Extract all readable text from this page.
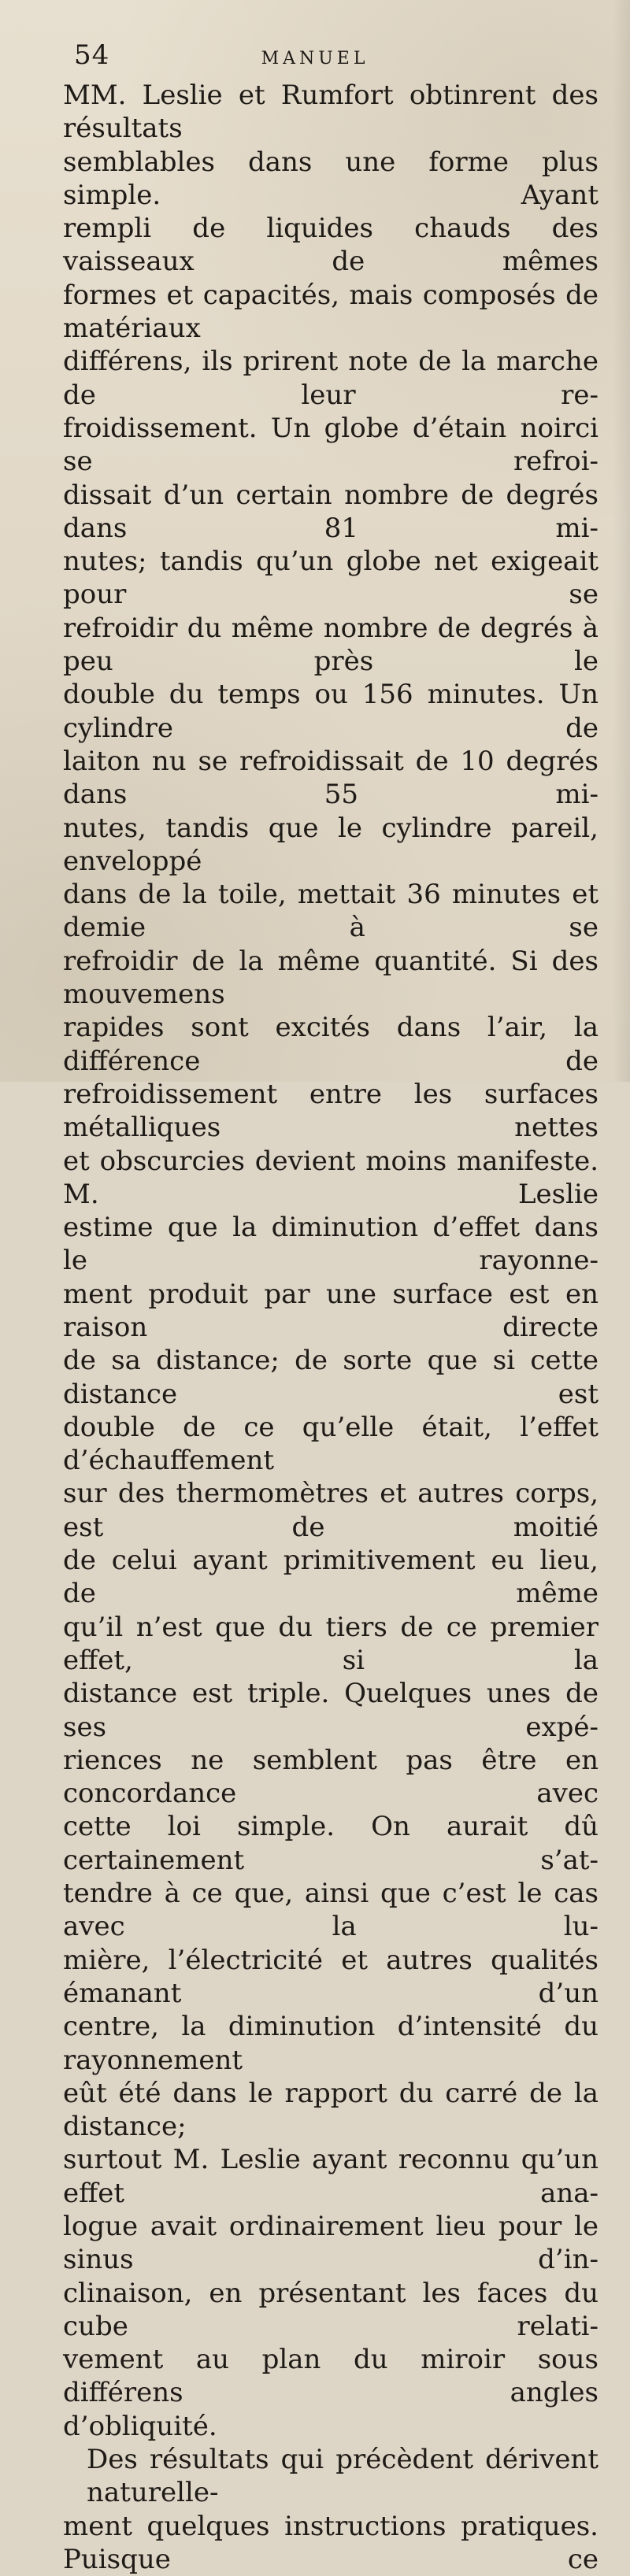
54	MANUEL
MM. Leslie et Rumfort obtinrent des résultats
semblables dans une forme plus simple. Ayant
rempli de liquides chauds des vaisseaux de mêmes
formes et capacités, mais composés de matériaux
différens, ils prirent note de la marche de leur re-
froidissement. Un globe d’étain noirci se refroi-
dissait d’un certain nombre de degrés dans 81 mi-
nutes; tandis qu’un globe net exigeait pour se
refroidir du même nombre de degrés à peu près le
double du temps ou 156 minutes. Un cylindre de
laiton nu se refroidissait de 10 degrés dans 55 mi-
nutes, tandis que le cylindre pareil, enveloppé
dans de la toile, mettait 36 minutes et demie à se
refroidir de la même quantité. Si des mouvemens
rapides sont excités dans l’air, la différence de
refroidissement entre les surfaces métalliques nettes
et obscurcies devient moins manifeste. M. Leslie
estime que la diminution d’effet dans le rayonne-
ment produit par une surface est en raison directe
de sa distance; de sorte que si cette distance est
double de ce qu’elle était, l’effet d’échauffement
sur des thermomètres et autres corps, est de moitié
de celui ayant primitivement eu lieu, de même
qu’il n’est que du tiers de ce premier effet, si la
distance est triple. Quelques unes de ses expé-
riences ne semblent pas être en concordance avec
cette loi simple. On aurait dû certainement s’at-
tendre à ce que, ainsi que c’est le cas avec la lu-
mière, l’électricité et autres qualités émanant d’un
centre, la diminution d’intensité du rayonnement
eût été dans le rapport du carré de la distance;
surtout M. Leslie ayant reconnu qu’un effet ana-
logue avait ordinairement lieu pour le sinus d’in-
clinaison, en présentant les faces du cube relati-
vement au plan du miroir sous différens angles
d’obliquité.
Des résultats qui précèdent dérivent naturelle-
ment quelques instructions pratiques. Puisque ce
